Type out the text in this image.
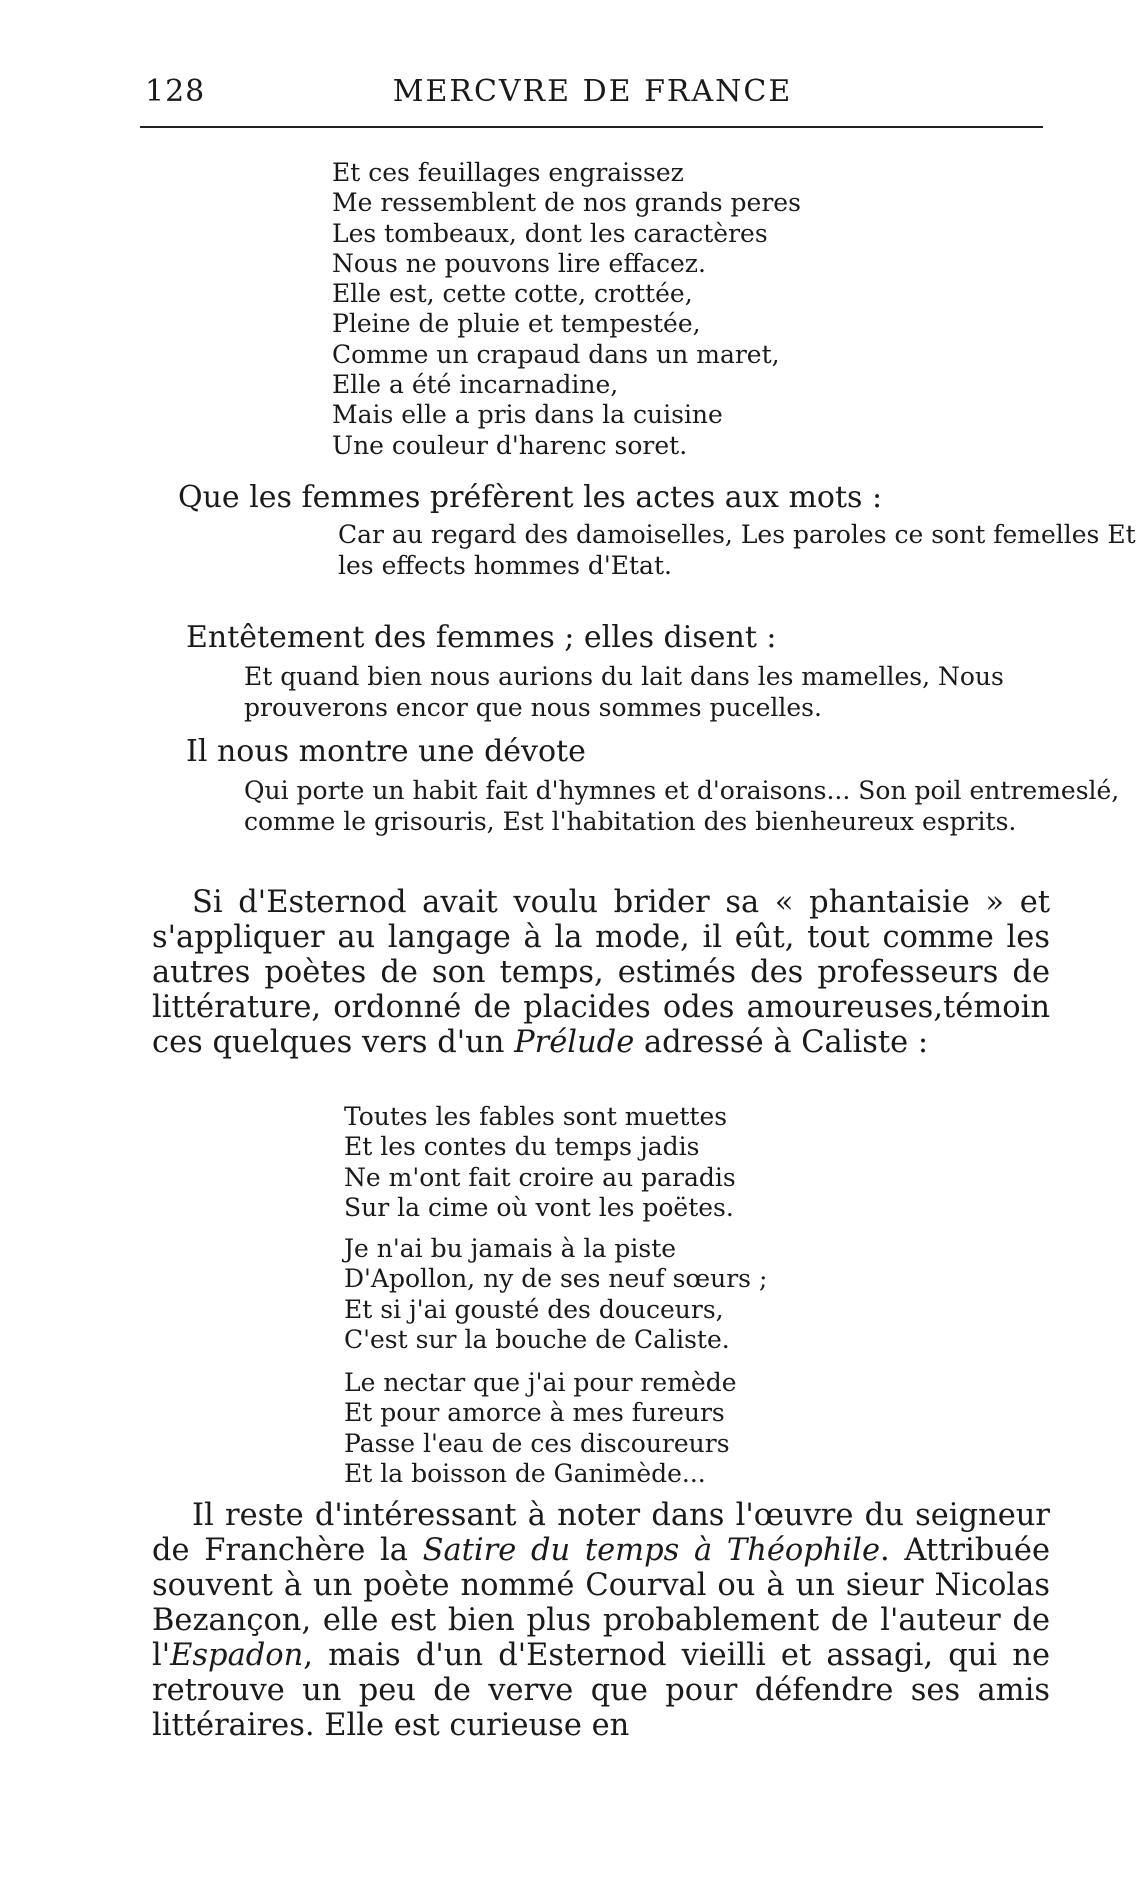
128	MERCVRE DE FRANCE
Et ces feuillages engraissez
Me ressemblent de nos grands peres
Les tombeaux, dont les caractères
Nous ne pouvons lire effacez.
Elle est, cette cotte, crottée,
Pleine de pluie et tempestée,
Comme un crapaud dans un maret,
Elle a été incarnadine,
Mais elle a pris dans la cuisine
Une couleur d'harenc soret.
Que les femmes préfèrent les actes aux mots :
Car au regard des damoiselles, Les paroles ce sont femelles Et les effects hommes d'Etat.
Entêtement des femmes ; elles disent :
Et quand bien nous aurions du lait dans les mamelles, Nous prouverons encor que nous sommes pucelles.
Il nous montre une dévote
Qui porte un habit fait d'hymnes et d'oraisons... Son poil entremeslé, comme le grisouris, Est l'habitation des bienheureux esprits.

Si d'Esternod avait voulu brider sa « phantaisie » et s'appliquer au langage à la mode, il eût, tout comme les autres poètes de son temps, estimés des professeurs de littérature, ordonné de placides odes amoureuses,témoin ces quelques vers d'un Prélude adressé à Caliste :

Toutes les fables sont muettes
Et les contes du temps jadis
Ne m'ont fait croire au paradis
Sur la cime où vont les poëtes.
Je n'ai bu jamais à la piste
D'Apollon, ny de ses neuf sœurs ;
Et si j'ai gousté des douceurs,
C'est sur la bouche de Caliste.
Le nectar que j'ai pour remède
Et pour amorce à mes fureurs
Passe l'eau de ces discoureurs
Et la boisson de Ganimède...

Il reste d'intéressant à noter dans l'œuvre du seigneur de Franchère la Satire du temps à Théophile. Attribuée souvent à un poète nommé Courval ou à un sieur Nicolas Bezançon, elle est bien plus probablement de l'auteur de l'Espadon, mais d'un d'Esternod vieilli et assagi, qui ne retrouve un peu de verve que pour défendre ses amis littéraires. Elle est curieuse en
